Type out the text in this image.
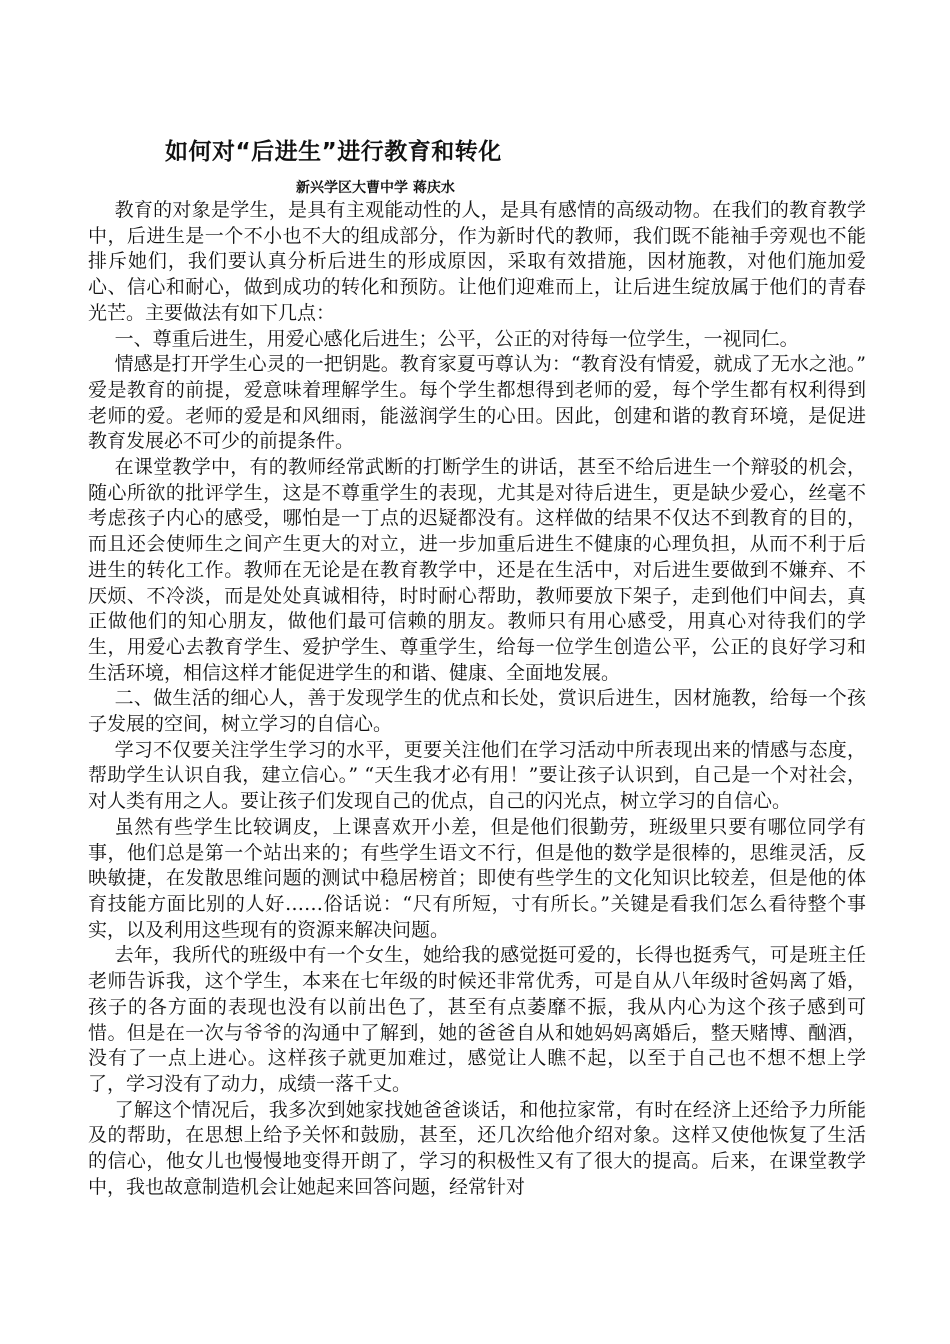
如何对“后进生”进行教育和转化
新兴学区大曹中学 蒋庆水

教育的对象是学生，是具有主观能动性的人，是具有感情的高级动物。在我们的教育教学中，后进生是一个不小也不大的组成部分，作为新时代的教师，我们既不能袖手旁观也不能排斥她们，我们要认真分析后进生的形成原因，采取有效措施，因材施教，对他们施加爱心、信心和耐心，做到成功的转化和预防。让他们迎难而上，让后进生绽放属于他们的青春光芒。主要做法有如下几点：

一、尊重后进生，用爱心感化后进生；公平，公正的对待每一位学生，一视同仁。

情感是打开学生心灵的一把钥匙。教育家夏丏尊认为：“教育没有情爱，就成了无水之池。” 爱是教育的前提，爱意味着理解学生。每个学生都想得到老师的爱，每个学生都有权利得到老师的爱。老师的爱是和风细雨，能滋润学生的心田。因此，创建和谐的教育环境，是促进教育发展必不可少的前提条件。

在课堂教学中，有的教师经常武断的打断学生的讲话，甚至不给后进生一个辩驳的机会，随心所欲的批评学生，这是不尊重学生的表现，尤其是对待后进生，更是缺少爱心，丝毫不考虑孩子内心的感受，哪怕是一丁点的迟疑都没有。这样做的结果不仅达不到教育的目的，而且还会使师生之间产生更大的对立，进一步加重后进生不健康的心理负担，从而不利于后进生的转化工作。教师在无论是在教育教学中，还是在生活中，对后进生要做到不嫌弃、不厌烦、不冷淡，而是处处真诚相待，时时耐心帮助，教师要放下架子，走到他们中间去，真正做他们的知心朋友，做他们最可信赖的朋友。教师只有用心感受，用真心对待我们的学生，用爱心去教育学生、爱护学生、尊重学生，给每一位学生创造公平，公正的良好学习和生活环境，相信这样才能促进学生的和谐、健康、全面地发展。

二、做生活的细心人，善于发现学生的优点和长处，赏识后进生，因材施教，给每一个孩子发展的空间，树立学习的自信心。

学习不仅要关注学生学习的水平，更要关注他们在学习活动中所表现出来的情感与态度，帮助学生认识自我，建立信心。” “天生我才必有用！”要让孩子认识到，自己是一个对社会，对人类有用之人。要让孩子们发现自己的优点，自己的闪光点，树立学习的自信心。

虽然有些学生比较调皮，上课喜欢开小差，但是他们很勤劳，班级里只要有哪位同学有事，他们总是第一个站出来的；有些学生语文不行，但是他的数学是很棒的，思维灵活，反映敏捷，在发散思维问题的测试中稳居榜首；即使有些学生的文化知识比较差，但是他的体育技能方面比别的人好……俗话说：“尺有所短，寸有所长。”关键是看我们怎么看待整个事实，以及利用这些现有的资源来解决问题。

去年，我所代的班级中有一个女生，她给我的感觉挺可爱的，长得也挺秀气，可是班主任老师告诉我，这个学生，本来在七年级的时候还非常优秀，可是自从八年级时爸妈离了婚，孩子的各方面的表现也没有以前出色了，甚至有点萎靡不振，我从内心为这个孩子感到可惜。但是在一次与爷爷的沟通中了解到，她的爸爸自从和她妈妈离婚后，整天赌博、酗酒，没有了一点上进心。这样孩子就更加难过，感觉让人瞧不起，以至于自己也不想不想上学了，学习没有了动力，成绩一落千丈。

了解这个情况后，我多次到她家找她爸爸谈话，和他拉家常，有时在经济上还给予力所能及的帮助，在思想上给予关怀和鼓励，甚至，还几次给他介绍对象。这样又使他恢复了生活的信心，他女儿也慢慢地变得开朗了，学习的积极性又有了很大的提高。后来，在课堂教学中，我也故意制造机会让她起来回答问题，经常针对
